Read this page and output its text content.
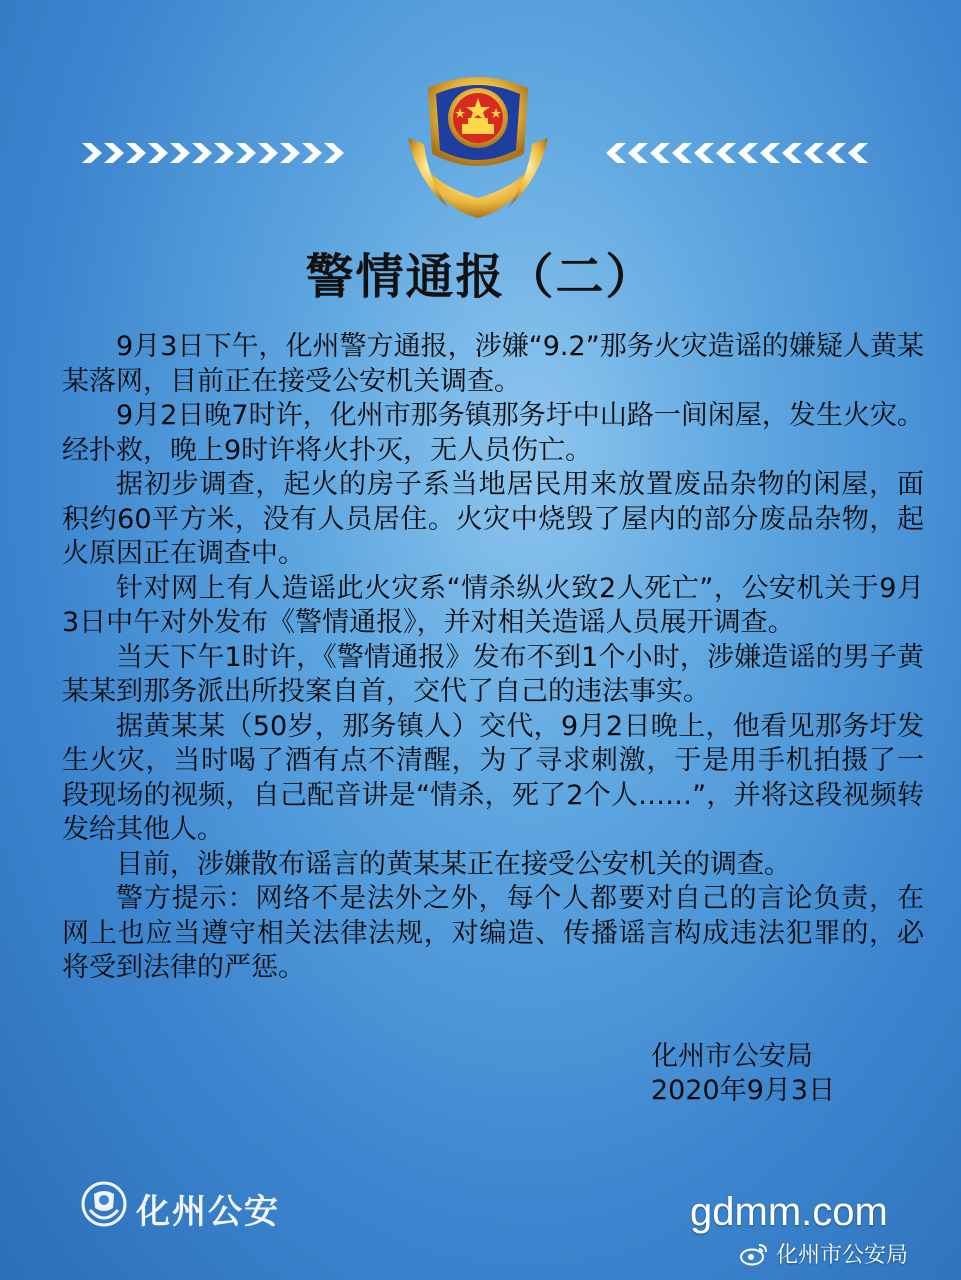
警情通报（二）

9月3日下午，化州警方通报，涉嫌“9.2”那务火灾造谣的嫌疑人黄某某落网，目前正在接受公安机关调查。

9月2日晚7时许，化州市那务镇那务圩中山路一间闲屋，发生火灾。经扑救，晚上9时许将火扑灭，无人员伤亡。

据初步调查，起火的房子系当地居民用来放置废品杂物的闲屋，面积约60平方米，没有人员居住。火灾中烧毁了屋内的部分废品杂物，起火原因正在调查中。

针对网上有人造谣此火灾系“情杀纵火致2人死亡”，公安机关于9月3日中午对外发布《警情通报》，并对相关造谣人员展开调查。

当天下午1时许，《警情通报》发布不到1个小时，涉嫌造谣的男子黄某某到那务派出所投案自首，交代了自己的违法事实。

据黄某某（50岁，那务镇人）交代，9月2日晚上，他看见那务圩发生火灾，当时喝了酒有点不清醒，为了寻求刺激，于是用手机拍摄了一段现场的视频，自己配音讲是“情杀，死了2个人……”，并将这段视频转发给其他人。

目前，涉嫌散布谣言的黄某某正在接受公安机关的调查。

警方提示：网络不是法外之外，每个人都要对自己的言论负责，在网上也应当遵守相关法律法规，对编造、传播谣言构成违法犯罪的，必将受到法律的严惩。

化州市公安局
2020年9月3日
化州公安	gdmm.com
化州市公安局
